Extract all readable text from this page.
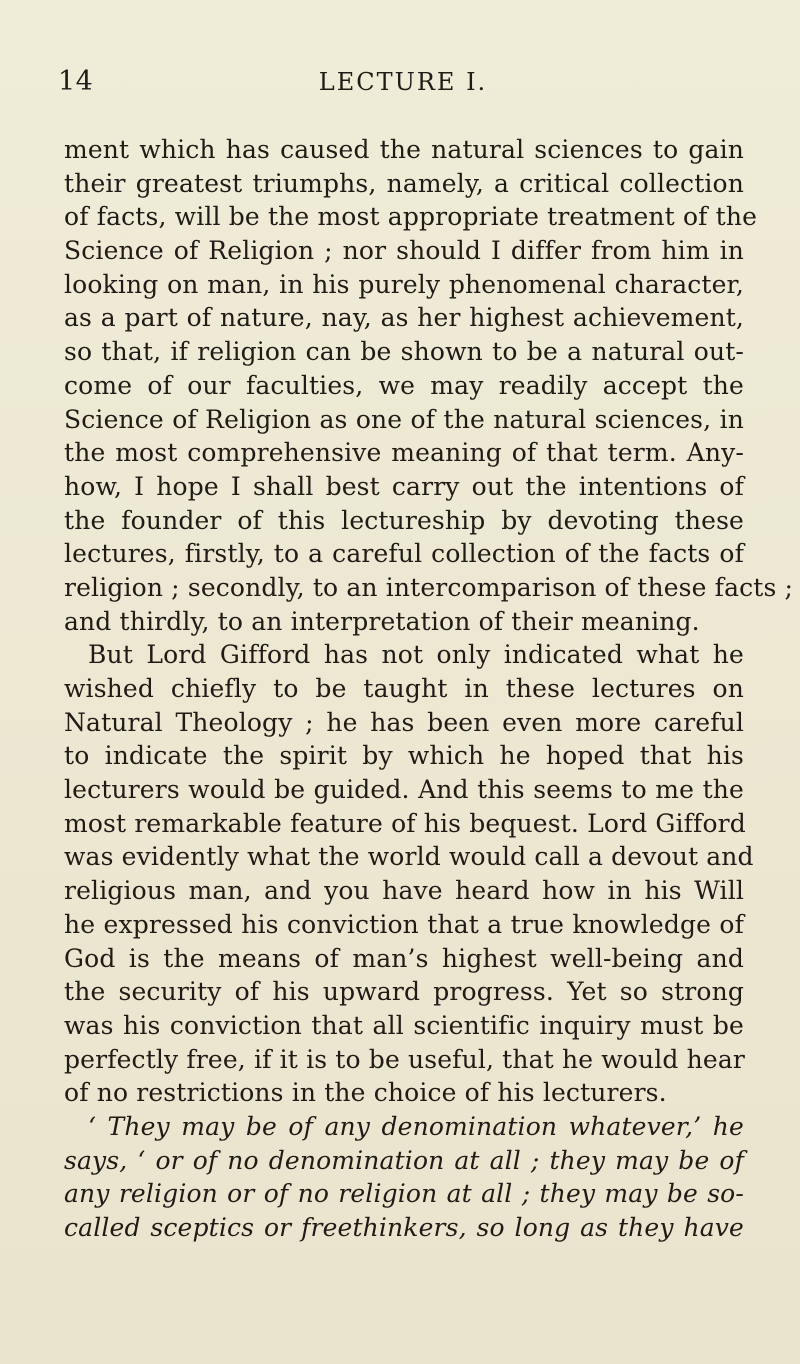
14	LECTURE I.
ment which has caused the natural sciences to gain
their greatest triumphs, namely, a critical collection
of facts, will be the most appropriate treatment of the
Science of Religion ; nor should I differ from him in
looking on man, in his purely phenomenal character,
as a part of nature, nay, as her highest achievement,
so that, if religion can be shown to be a natural out-
come of our faculties, we may readily accept the
Science of Religion as one of the natural sciences, in
the most comprehensive meaning of that term. Any-
how, I hope I shall best carry out the intentions of
the founder of this lectureship by devoting these
lectures, firstly, to a careful collection of the facts of
religion ; secondly, to an intercomparison of these facts ;
and thirdly, to an interpretation of their meaning.
But Lord Gifford has not only indicated what he
wished chiefly to be taught in these lectures on
Natural Theology ; he has been even more careful
to indicate the spirit by which he hoped that his
lecturers would be guided. And this seems to me the
most remarkable feature of his bequest. Lord Gifford
was evidently what the world would call a devout and
religious man, and you have heard how in his Will
he expressed his conviction that a true knowledge of
God is the means of man’s highest well-being and
the security of his upward progress. Yet so strong
was his conviction that all scientific inquiry must be
perfectly free, if it is to be useful, that he would hear
of no restrictions in the choice of his lecturers.
‘ They may be of any denomination whatever,’ he
says, ‘ or of no denomination at all ; they may be of
any religion or of no religion at all ; they may be so-
called sceptics or freethinkers, so long as they have
